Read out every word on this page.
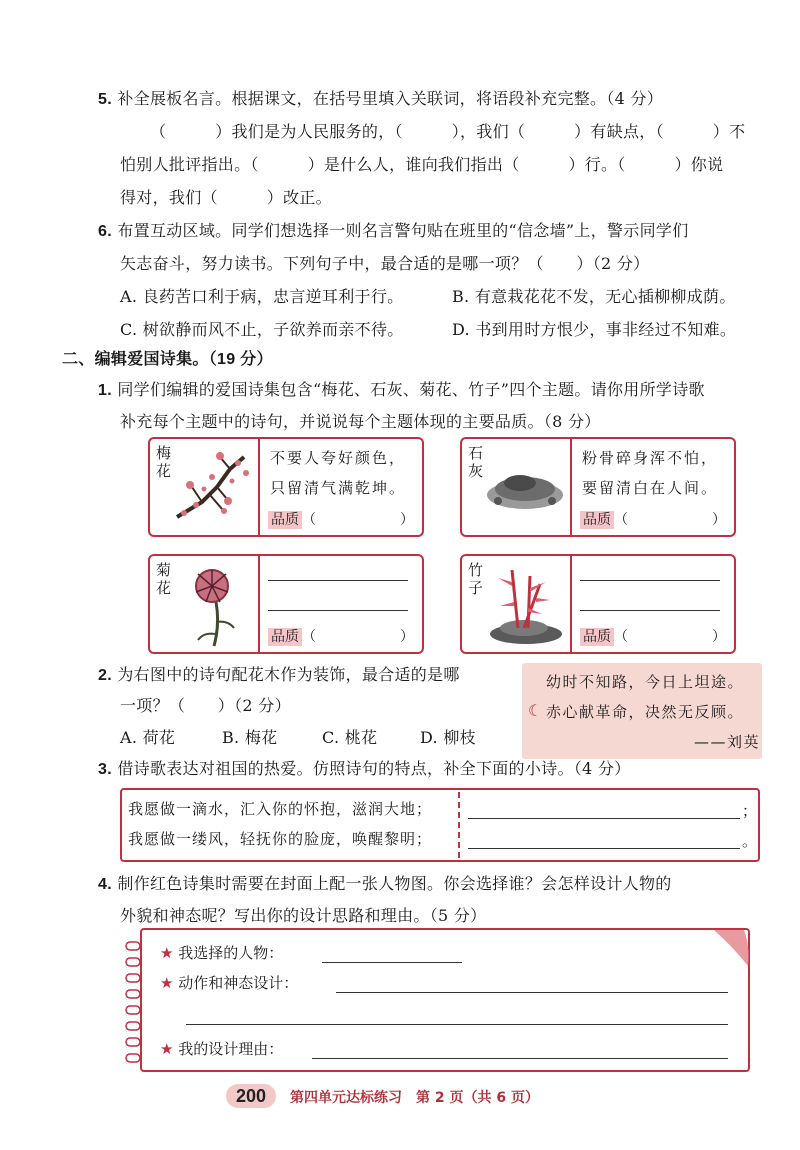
5. 补全展板名言。根据课文，在括号里填入关联词，将语段补充完整。（4 分）
（　　　）我们是为人民服务的，（　　　），我们（　　　）有缺点，（　　　）不
怕别人批评指出。（　　　）是什么人，谁向我们指出（　　　）行。（　　　）你说
得对，我们（　　　）改正。
6. 布置互动区域。同学们想选择一则名言警句贴在班里的“信念墙”上，警示同学们
矢志奋斗，努力读书。下列句子中，最合适的是哪一项？（　　）（2 分）
A. 良药苦口利于病，忠言逆耳利于行。	B. 有意栽花花不发，无心插柳柳成荫。
C. 树欲静而风不止，子欲养而亲不待。	D. 书到用时方恨少，事非经过不知难。
二、编辑爱国诗集。（19 分）
1. 同学们编辑的爱国诗集包含“梅花、石灰、菊花、竹子”四个主题。请你用所学诗歌
补充每个主题中的诗句，并说说每个主题体现的主要品质。（8 分）
梅花
不要人夸好颜色，
只留清气满乾坤。
品质 （　　　　　　）
石灰
粉骨碎身浑不怕，
要留清白在人间。
品质 （　　　　　　）
菊花
品质 （　　　　　　）
竹子
品质 （　　　　　　）
2. 为右图中的诗句配花木作为装饰，最合适的是哪
一项？（　　）（2 分）
A. 荷花	B. 梅花	C. 桃花	D. 柳枝
☾
幼时不知路，今日上坦途。
赤心献革命，决然无反顾。
——刘英
3. 借诗歌表达对祖国的热爱。仿照诗句的特点，补全下面的小诗。（4 分）
我愿做一滴水，汇入你的怀抱，滋润大地；
我愿做一缕风，轻抚你的脸庞，唤醒黎明；
；
。
4. 制作红色诗集时需要在封面上配一张人物图。你会选择谁？会怎样设计人物的
外貌和神态呢？写出你的设计思路和理由。（5 分）
★ 我选择的人物：
★ 动作和神态设计：
★ 我的设计理由：
200	第四单元达标练习　第 2 页（共 6 页）
